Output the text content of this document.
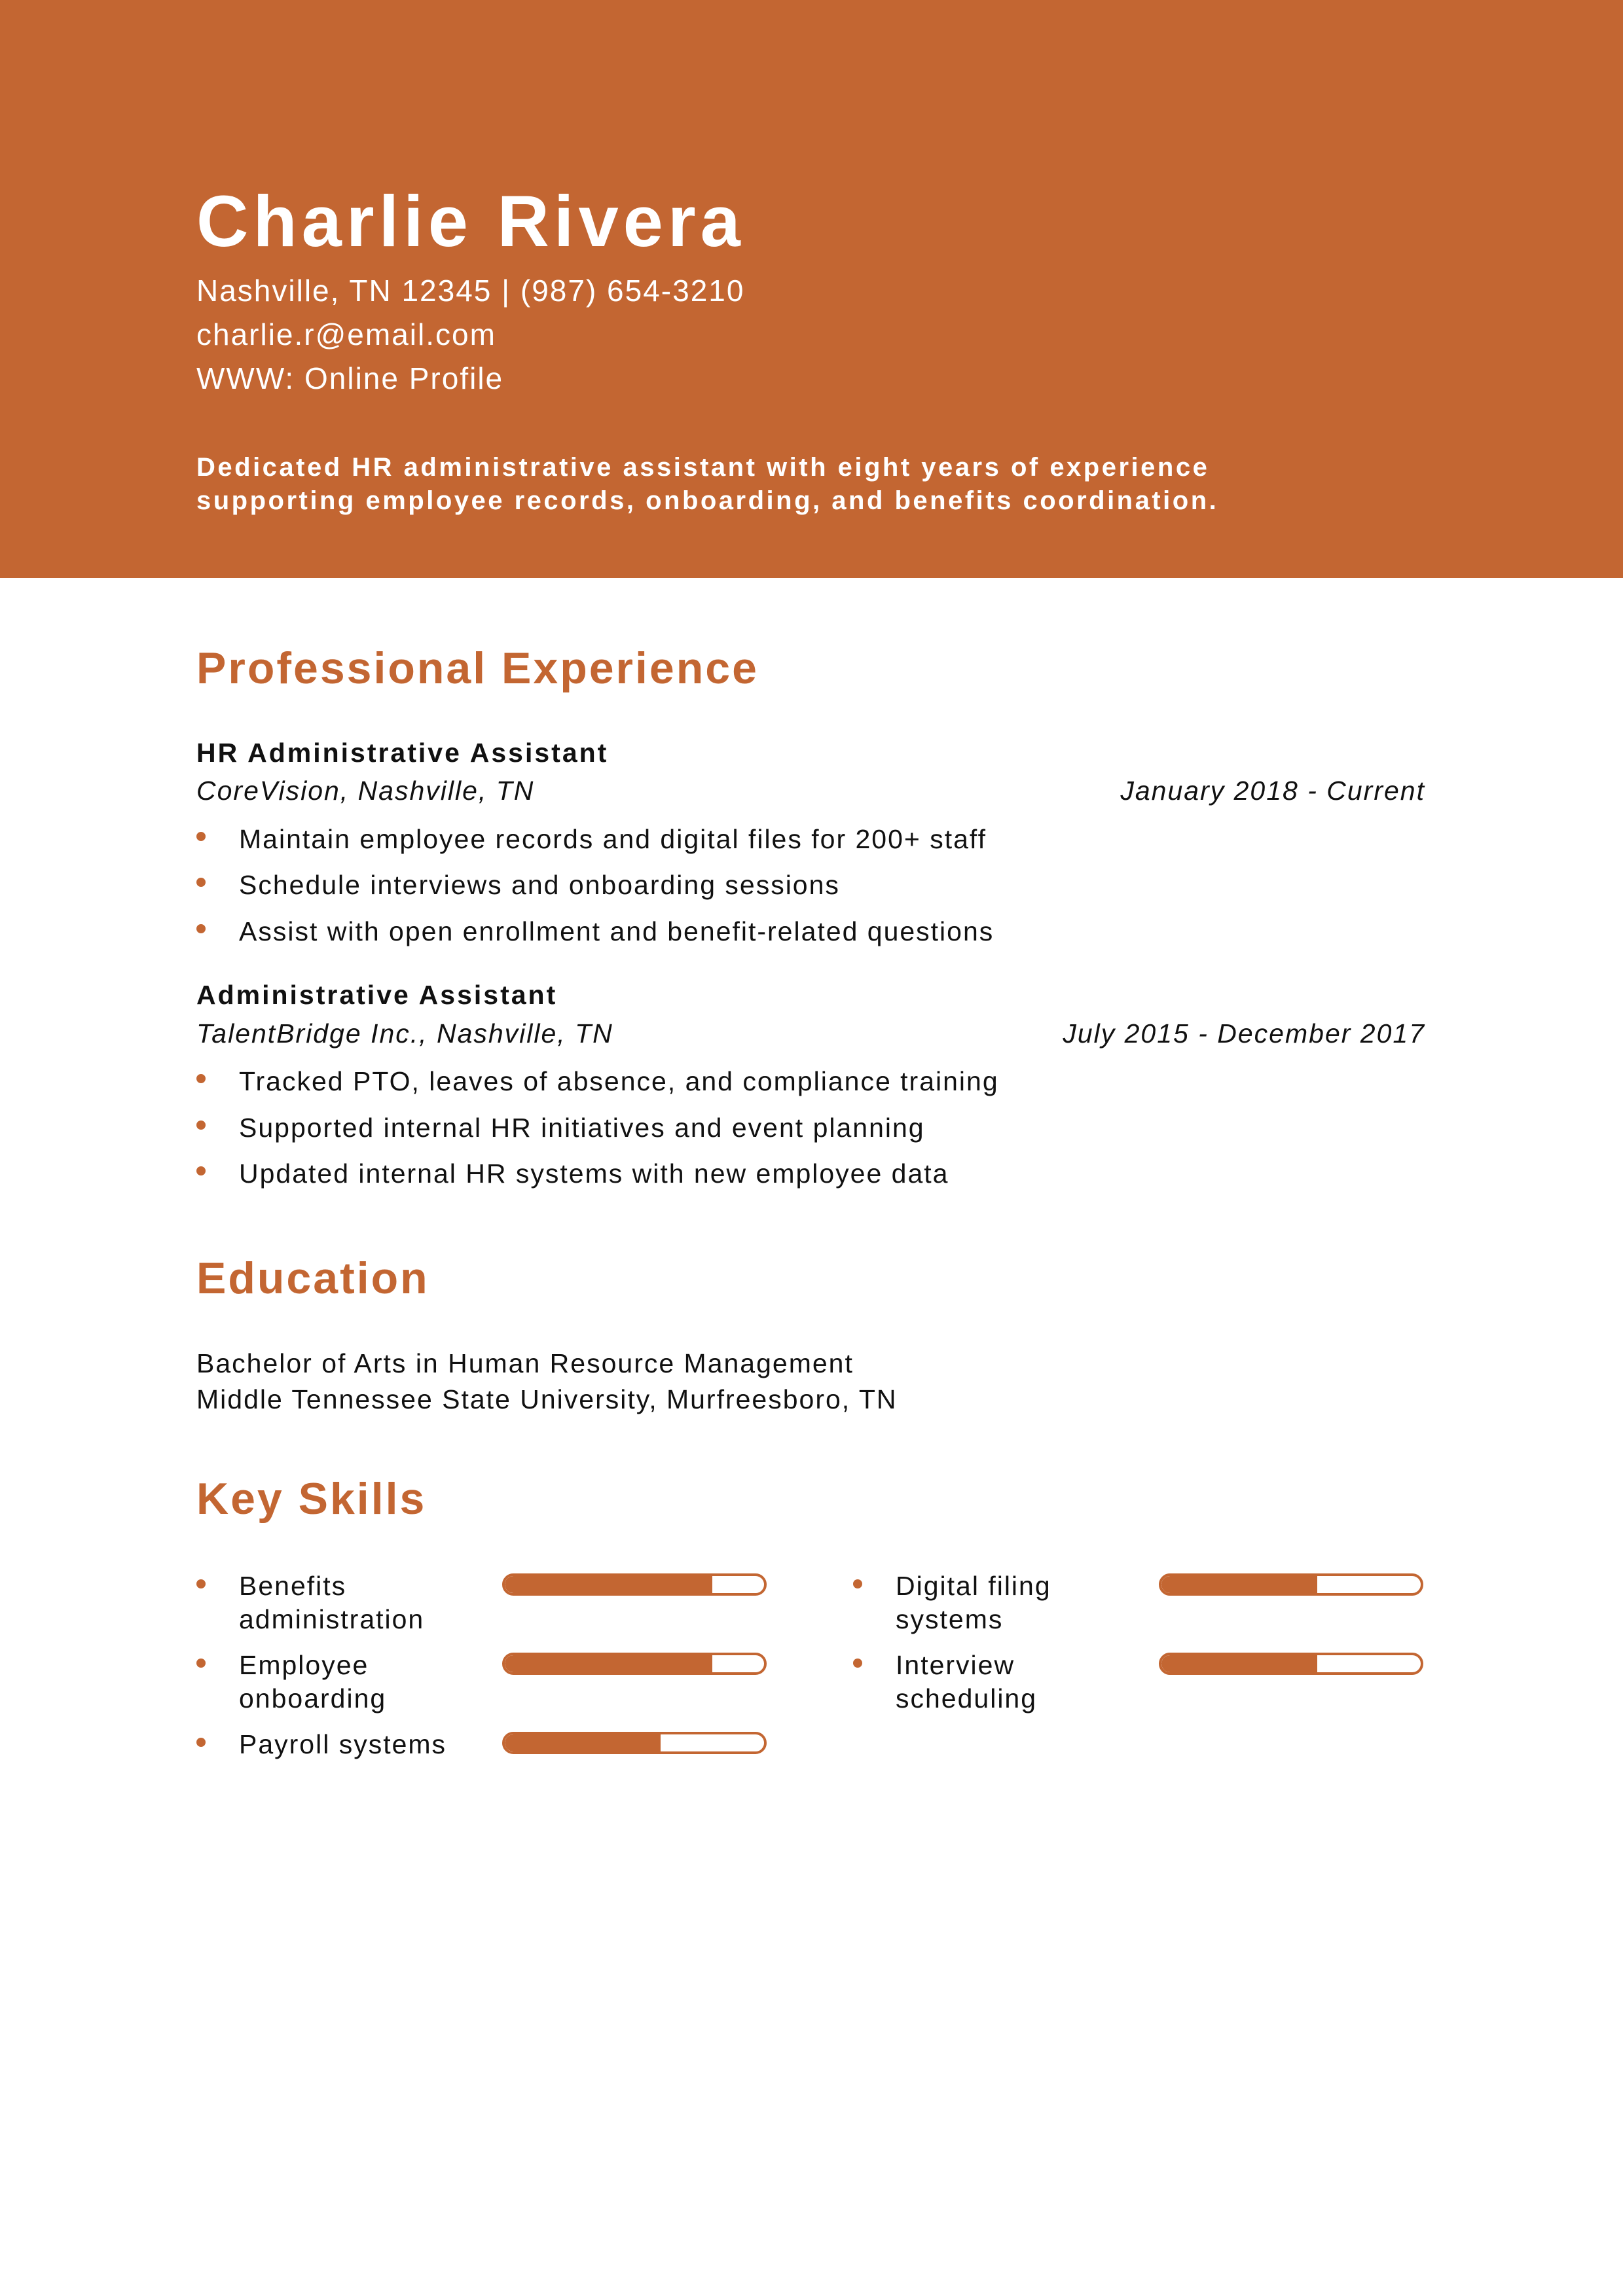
Charlie Rivera
Nashville, TN 12345 | (987) 654-3210
charlie.r@email.com
WWW: Online Profile
Dedicated HR administrative assistant with eight years of experience supporting employee records, onboarding, and benefits coordination.
Professional Experience
HR Administrative Assistant
CoreVision, Nashville, TN	January 2018 - Current
Maintain employee records and digital files for 200+ staff
Schedule interviews and onboarding sessions
Assist with open enrollment and benefit-related questions
Administrative Assistant
TalentBridge Inc., Nashville, TN	July 2015 - December 2017
Tracked PTO, leaves of absence, and compliance training
Supported internal HR initiatives and event planning
Updated internal HR systems with new employee data
Education
Bachelor of Arts in Human Resource Management
Middle Tennessee State University, Murfreesboro, TN
Key Skills
Benefits administration
Digital filing systems
Employee onboarding
Interview scheduling
Payroll systems
